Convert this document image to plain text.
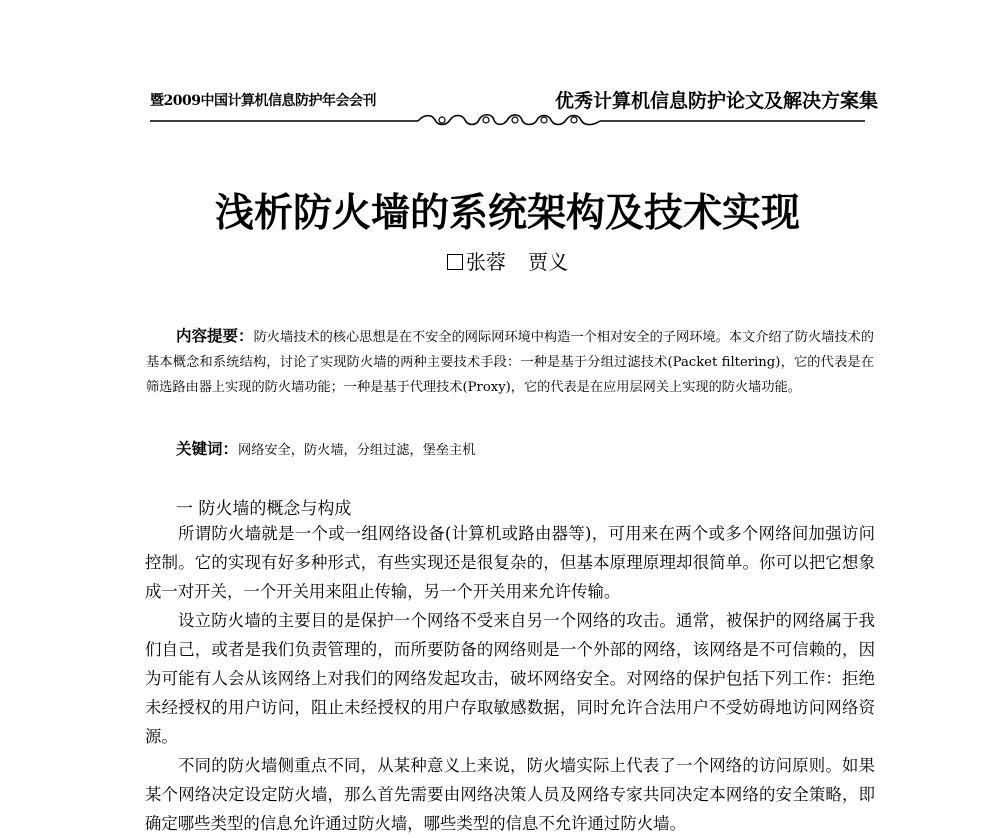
暨2009中国计算机信息防护年会会刊	优秀计算机信息防护论文及解决方案集
浅析防火墙的系统架构及技术实现
张蓉 贾义

内容提要：防火墙技术的核心思想是在不安全的网际网环境中构造一个相对安全的子网环境。本文介绍了防火墙技术的基本概念和系统结构，讨论了实现防火墙的两种主要技术手段：一种是基于分组过滤技术(Packet filtering)，它的代表是在筛选路由器上实现的防火墙功能；一种是基于代理技术(Proxy)，它的代表是在应用层网关上实现的防火墙功能。

关键词：网络安全，防火墙，分组过滤，堡垒主机
一 防火墙的概念与构成

所谓防火墙就是一个或一组网络设备(计算机或路由器等)，可用来在两个或多个网络间加强访问控制。它的实现有好多种形式，有些实现还是很复杂的，但基本原理原理却很简单。你可以把它想象成一对开关，一个开关用来阻止传输，另一个开关用来允许传输。

设立防火墙的主要目的是保护一个网络不受来自另一个网络的攻击。通常，被保护的网络属于我们自己，或者是我们负责管理的，而所要防备的网络则是一个外部的网络，该网络是不可信赖的，因为可能有人会从该网络上对我们的网络发起攻击，破坏网络安全。对网络的保护包括下列工作：拒绝未经授权的用户访问，阻止未经授权的用户存取敏感数据，同时允许合法用户不受妨碍地访问网络资源。

不同的防火墙侧重点不同，从某种意义上来说，防火墙实际上代表了一个网络的访问原则。如果某个网络决定设定防火墙，那么首先需要由网络决策人员及网络专家共同决定本网络的安全策略，即确定哪些类型的信息允许通过防火墙，哪些类型的信息不允许通过防火墙。
